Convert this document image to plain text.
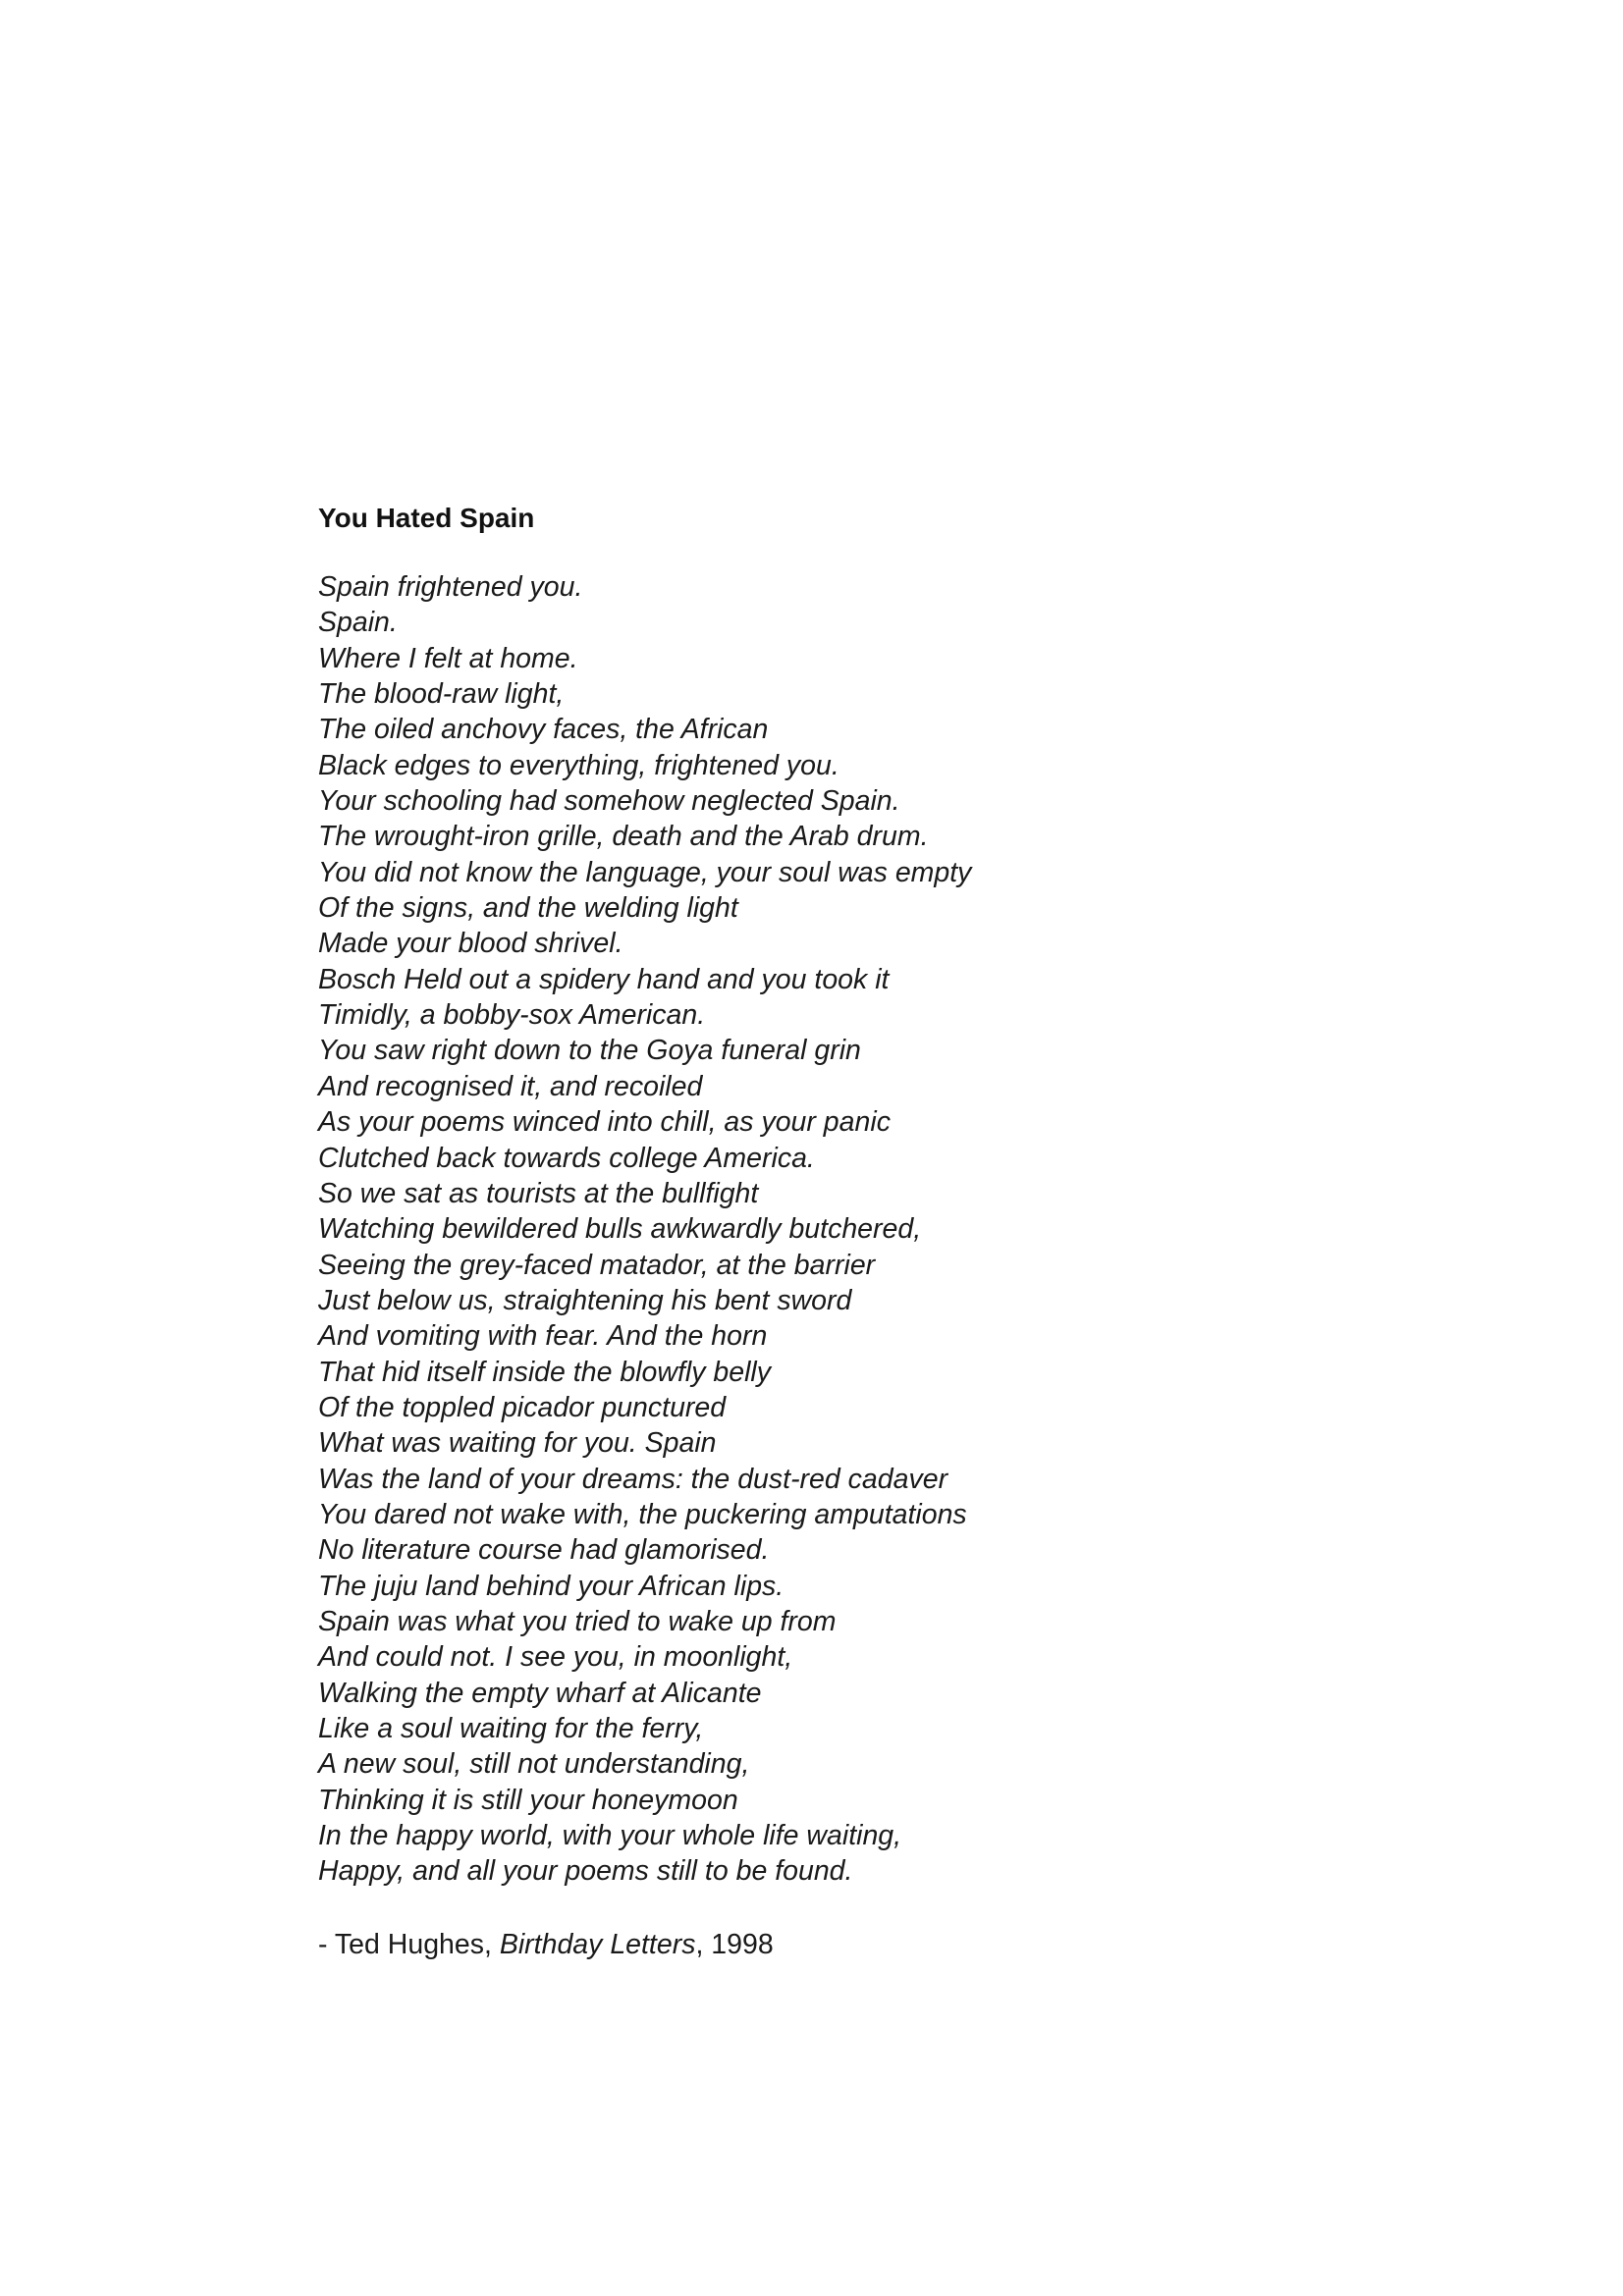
You Hated Spain
Spain frightened you.
Spain.
Where I felt at home.
The blood-raw light,
The oiled anchovy faces, the African
Black edges to everything, frightened you.
Your schooling had somehow neglected Spain.
The wrought-iron grille, death and the Arab drum.
You did not know the language, your soul was empty
Of the signs, and the welding light
Made your blood shrivel.
Bosch Held out a spidery hand and you took it
Timidly, a bobby-sox American.
You saw right down to the Goya funeral grin
And recognised it, and recoiled
As your poems winced into chill, as your panic
Clutched back towards college America.
So we sat as tourists at the bullfight
Watching bewildered bulls awkwardly butchered,
Seeing the grey-faced matador, at the barrier
Just below us, straightening his bent sword
And vomiting with fear. And the horn
That hid itself inside the blowfly belly
Of the toppled picador punctured
What was waiting for you. Spain
Was the land of your dreams: the dust-red cadaver
You dared not wake with, the puckering amputations
No literature course had glamorised.
The juju land behind your African lips.
Spain was what you tried to wake up from
And could not. I see you, in moonlight,
Walking the empty wharf at Alicante
Like a soul waiting for the ferry,
A new soul, still not understanding,
Thinking it is still your honeymoon
In the happy world, with your whole life waiting,
Happy, and all your poems still to be found.
- Ted Hughes, Birthday Letters, 1998
